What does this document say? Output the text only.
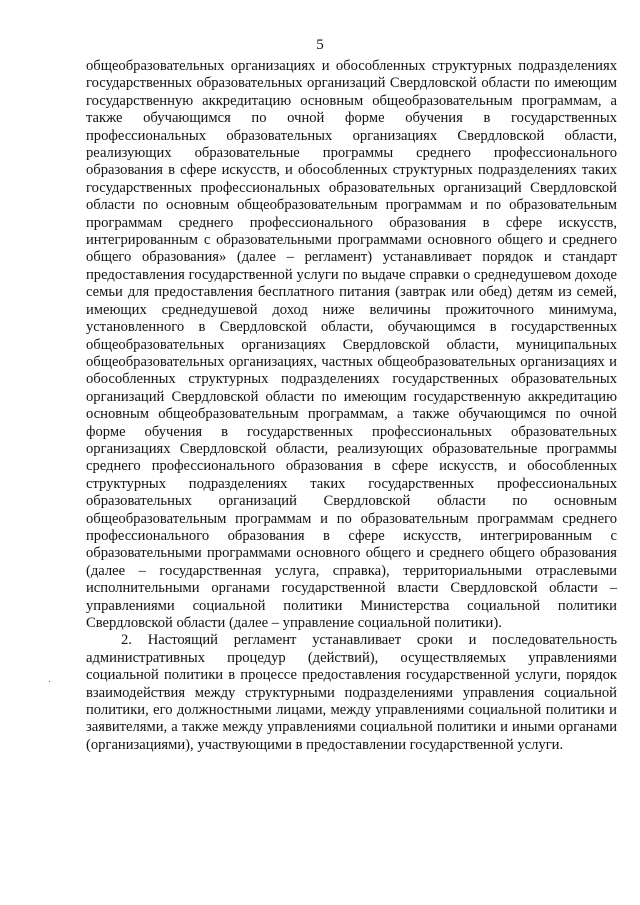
5

общеобразовательных организациях и обособленных структурных подразделениях государственных образовательных организаций Свердловской области по имеющим государственную аккредитацию основным общеобразовательным программам, а также обучающимся по очной форме обучения в государственных профессиональных образовательных организациях Свердловской области, реализующих образовательные программы среднего профессионального образования в сфере искусств, и обособленных структурных подразделениях таких государственных профессиональных образовательных организаций Свердловской области по основным общеобразовательным программам и по образовательным программам среднего профессионального образования в сфере искусств, интегрированным с образовательными программами основного общего и среднего общего образования» (далее – регламент) устанавливает порядок и стандарт предоставления государственной услуги по выдаче справки о среднедушевом доходе семьи для предоставления бесплатного питания (завтрак или обед) детям из семей, имеющих среднедушевой доход ниже величины прожиточного минимума, установленного в Свердловской области, обучающимся в государственных общеобразовательных организациях Свердловской области, муниципальных общеобразовательных организациях, частных общеобразовательных организациях и обособленных структурных подразделениях государственных образовательных организаций Свердловской области по имеющим государственную аккредитацию основным общеобразовательным программам, а также обучающимся по очной форме обучения в государственных профессиональных образовательных организациях Свердловской области, реализующих образовательные программы среднего профессионального образования в сфере искусств, и обособленных структурных подразделениях таких государственных профессиональных образовательных организаций Свердловской области по основным общеобразовательным программам и по образовательным программам среднего профессионального образования в сфере искусств, интегрированным с образовательными программами основного общего и среднего общего образования (далее – государственная услуга, справка), территориальными отраслевыми исполнительными органами государственной власти Свердловской области – управлениями социальной политики Министерства социальной политики Свердловской области (далее – управление социальной политики).

2. Настоящий регламент устанавливает сроки и последовательность административных процедур (действий), осуществляемых управлениями социальной политики в процессе предоставления государственной услуги, порядок взаимодействия между структурными подразделениями управления социальной политики, его должностными лицами, между управлениями социальной политики и заявителями, а также между управлениями социальной политики и иными органами (организациями), участвующими в предоставлении государственной услуги.

·
